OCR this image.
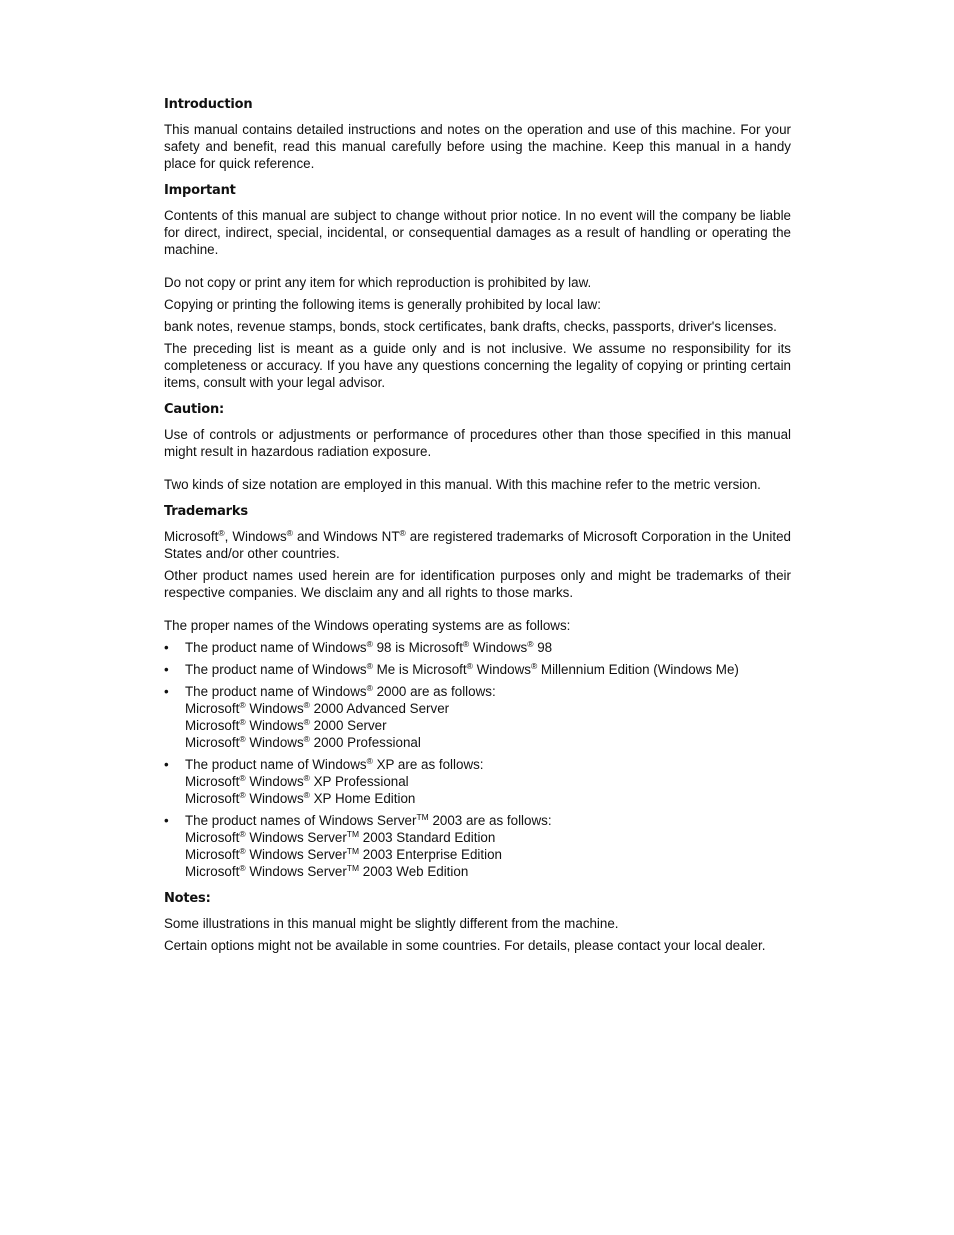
Introduction

This manual contains detailed instructions and notes on the operation and use of this machine. For your safety and benefit, read this manual carefully before using the machine. Keep this manual in a handy place for quick reference.

Important

Contents of this manual are subject to change without prior notice. In no event will the company be liable for direct, indirect, special, incidental, or consequential damages as a result of handling or operating the machine.

Do not copy or print any item for which reproduction is prohibited by law.

Copying or printing the following items is generally prohibited by local law:

bank notes, revenue stamps, bonds, stock certificates, bank drafts, checks, passports, driver's licenses.

The preceding list is meant as a guide only and is not inclusive. We assume no responsibility for its completeness or accuracy. If you have any questions concerning the legality of copying or printing certain items, consult with your legal advisor.

Caution:

Use of controls or adjustments or performance of procedures other than those specified in this manual might result in hazardous radiation exposure.

Two kinds of size notation are employed in this manual. With this machine refer to the metric version.

Trademarks

Microsoft®, Windows® and Windows NT® are registered trademarks of Microsoft Corporation in the United States and/or other countries.

Other product names used herein are for identification purposes only and might be trademarks of their respective companies. We disclaim any and all rights to those marks.

The proper names of the Windows operating systems are as follows:

• The product name of Windows® 98 is Microsoft® Windows® 98
• The product name of Windows® Me is Microsoft® Windows® Millennium Edition (Windows Me)
• The product name of Windows® 2000 are as follows:
Microsoft® Windows® 2000 Advanced Server
Microsoft® Windows® 2000 Server
Microsoft® Windows® 2000 Professional
• The product name of Windows® XP are as follows:
Microsoft® Windows® XP Professional
Microsoft® Windows® XP Home Edition
• The product names of Windows Server™ 2003 are as follows:
Microsoft® Windows Server™ 2003 Standard Edition
Microsoft® Windows Server™ 2003 Enterprise Edition
Microsoft® Windows Server™ 2003 Web Edition
Notes:

Some illustrations in this manual might be slightly different from the machine.

Certain options might not be available in some countries. For details, please contact your local dealer.
